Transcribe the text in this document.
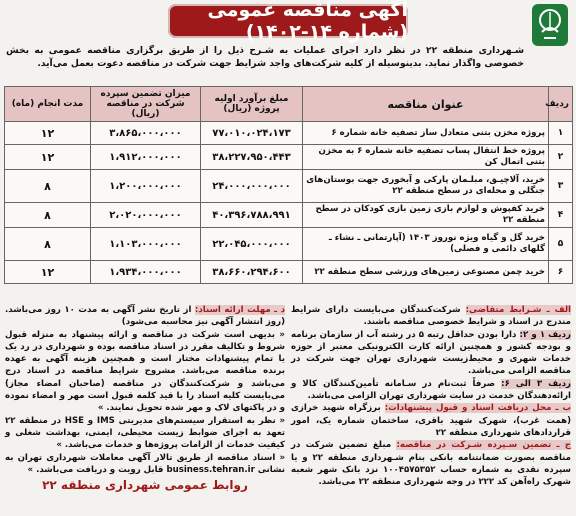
آگهی مناقصه عمومی (شماره ۱۴-۱۴۰۲)
شـهرداری منطقه ۲۲ در نظر دارد اجرای عملیات به شـرح ذیل را از طریق برگزاری مناقصه عمومی به بخش خصوصی واگذار نماید. بدینوسیله از کلیه شرکت‌های واجد شرایط جهت شرکت در مناقصه دعوت بعمل می‌آید.
ردیف	عنوان مناقصه	مبلغ برآورد اولیه پروژه (ریال)	میزان تضمین سپرده شرکت در مناقصه (ریال)	مدت انجام (ماه)
۱	پروژه مخزن بتنی متعادل ساز تصفیه خانه شماره ۶	۷۷،۰۱۰،۰۲۴،۱۷۳	۳،۸۶۵،۰۰۰،۰۰۰	۱۲
۲	پروژه خط انتقال پساب تصفیه خانه شماره ۶ به مخزن بتنی اتمال کن	۳۸،۲۲۷،۹۵۰،۴۴۳	۱،۹۱۲،۰۰۰،۰۰۰	۱۲
۳	خرید، آلاچیـق، مبلـمان پارکی و آبخوری جهت بوستان‌های جنگلی و محله‌ای در سطح منطقه ۲۲	۲۴،۰۰۰،۰۰۰،۰۰۰	۱،۲۰۰،۰۰۰،۰۰۰	۸
۴	خرید کفپوش و لوازم بازی زمین بازی کودکان در سطح منطقه ۲۲	۴۰،۳۹۶،۷۸۸،۹۹۱	۲،۰۲۰،۰۰۰،۰۰۰	۸
۵	خرید گل و گیاه ویژه نوروز ۱۴۰۳ (آپارتمانی ـ نشاء ـ گلهای دائمی و فصلی)	۲۲،۰۴۵،۰۰۰،۰۰۰	۱،۱۰۳،۰۰۰،۰۰۰	۸
۶	خرید چمن مصنوعی زمین‌های ورزشی سطح منطقه ۲۲	۳۸،۶۶۰،۲۹۴،۶۰۰	۱،۹۳۴،۰۰۰،۰۰۰	۱۲

الف ـ شـرایط متقاضی: شرکت‌کنندگان می‌بایست دارای شرایط مندرج در اسناد و شرایط خصوصی مناقصه باشند.

ردیف ۱ و ۲: دارا بودن حداقل رتبه ۵ در رشته آب از سازمان برنامه و بودجه کشور و همچنین ارائه کارت الکترونیکی معتبر از حوزه خدمات شهری و محیط‌زیست شهرداری تهران جهت شرکت در مناقصه الزامی می‌باشد.

ردیف ۳ الی ۶: صرفاً ثبت‌نام در سـامانه تأمین‌کنندگان کالا و ارائه‌دهندگان خدمت در سایت شهرداری تهران الزامی می‌باشد.

ب ـ محل دریافت اسناد و قبول پیشنهادات: برزگراه شهید خرازی (همت غرب)، شهرک شهید باقری، ساختمان شماره یک، امور قراردادهای شهرداری منطقه ۲۲

ج ـ تضمین سـپرده شـرکت در مناقصه: مبلغ تضمین شرکت در مناقصه بصورت ضمانتنامه بانکی بنام شـهرداری منطقه ۲۲ و یا سپرده نقدی به شماره حساب ۱۰۰۴۵۷۵۳۵۲ نزد بانک شهر شعبه شهرک راه‌آهن کد ۲۲۲ در وجه شهرداری منطقه ۲۲ می‌باشد.

د ـ مهلت ارائه اسناد: از تاریخ نشر آگهی به مدت ۱۰ روز می‌باشد. (روز انتشار آگهی نیز محاسبه می‌شود)

« بدیهی است شرکت در مناقصه و ارائه پیشنهاد به منزله قبول شروط و تکالیف مقرر در اسناد مناقصه بوده و شهرداری در رد یک یا تمام پیشنهادات مختار است و همچنین هزینه آگهی به عهده برنده مناقصه می‌باشد. مشروح شرایط مناقصه در اسناد درج می‌باشد و شرکت‌کنندگان در مناقصه (صاحبان امضاء مجاز) می‌بایست کلیه اسناد را با قید کلمه قبول است مهر و امضاء نموده و در پاکتهای لاک و مهر شده تحویل نمایند. »

« نظر به استقرار سیستم‌های مدیریتی IMS و HSE در منطقه ۲۲ تعهد به اجرای ضوابط زیست محیطی، ایمنی، بهداشت شغلی و کیفیت خدمات از الزامات پروژه‌ها و خدمات می‌باشد. »

« اسناد مناقصه از طریق تالار آگهی معاملات شهرداری تهران به نشانی business.tehran.ir قابل رویت و دریافت می‌باشد. »

روابط عمومی شهرداری منطقه ۲۲
